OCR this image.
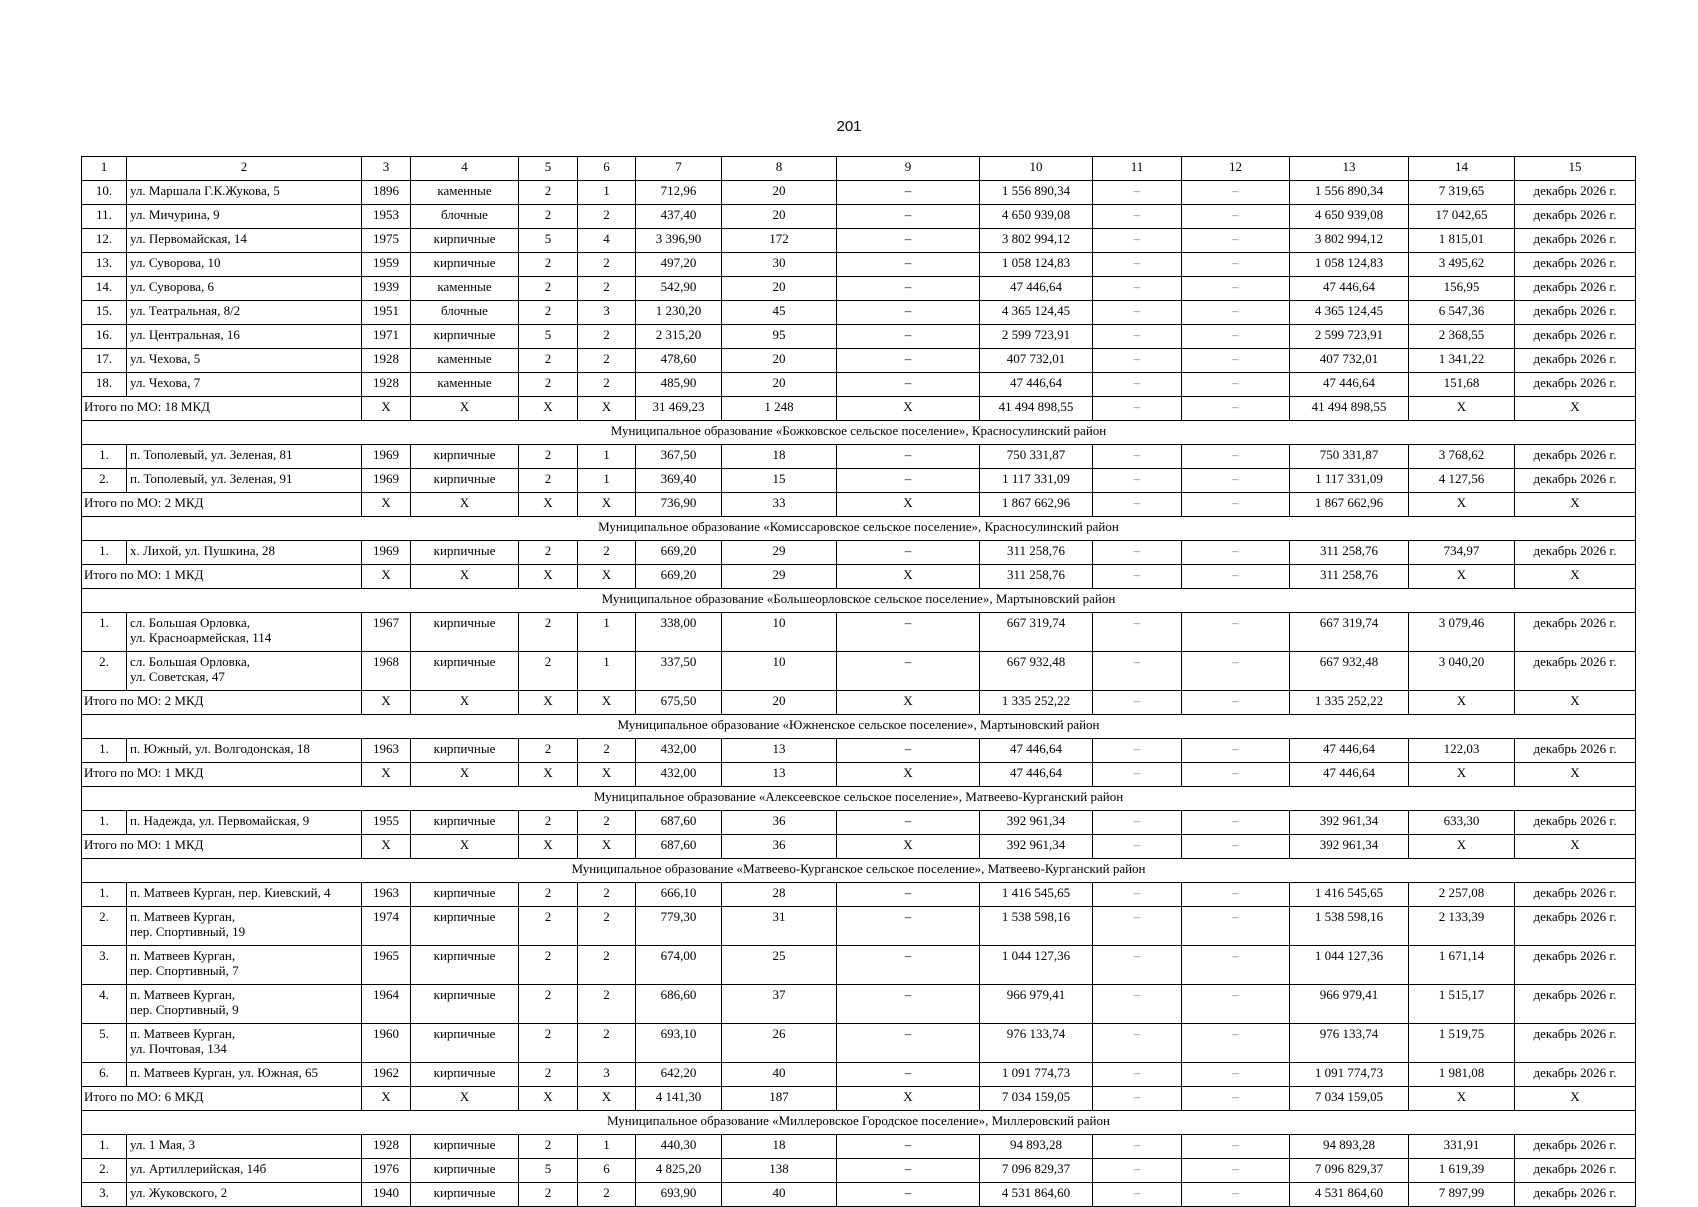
201
1	2	3	4	5	6	7	8	9	10	11	12	13	14	15
10.	ул. Маршала Г.К.Жукова, 5	1896	каменные	2	1	712,96	20	–	1 556 890,34	–	–	1 556 890,34	7 319,65	декабрь 2026 г.
11.	ул. Мичурина, 9	1953	блочные	2	2	437,40	20	–	4 650 939,08	–	–	4 650 939,08	17 042,65	декабрь 2026 г.
12.	ул. Первомайская, 14	1975	кирпичные	5	4	3 396,90	172	–	3 802 994,12	–	–	3 802 994,12	1 815,01	декабрь 2026 г.
13.	ул. Суворова, 10	1959	кирпичные	2	2	497,20	30	–	1 058 124,83	–	–	1 058 124,83	3 495,62	декабрь 2026 г.
14.	ул. Суворова, 6	1939	каменные	2	2	542,90	20	–	47 446,64	–	–	47 446,64	156,95	декабрь 2026 г.
15.	ул. Театральная, 8/2	1951	блочные	2	3	1 230,20	45	–	4 365 124,45	–	–	4 365 124,45	6 547,36	декабрь 2026 г.
16.	ул. Центральная, 16	1971	кирпичные	5	2	2 315,20	95	–	2 599 723,91	–	–	2 599 723,91	2 368,55	декабрь 2026 г.
17.	ул. Чехова, 5	1928	каменные	2	2	478,60	20	–	407 732,01	–	–	407 732,01	1 341,22	декабрь 2026 г.
18.	ул. Чехова, 7	1928	каменные	2	2	485,90	20	–	47 446,64	–	–	47 446,64	151,68	декабрь 2026 г.
Итого по МО: 18 МКД		X	X	X	X	31 469,23	1 248	X	41 494 898,55	–	–	41 494 898,55	X	X
Муниципальное образование «Божковское сельское поселение», Красносулинский район														
1.	п. Тополевый, ул. Зеленая, 81	1969	кирпичные	2	1	367,50	18	–	750 331,87	–	–	750 331,87	3 768,62	декабрь 2026 г.
2.	п. Тополевый, ул. Зеленая, 91	1969	кирпичные	2	1	369,40	15	–	1 117 331,09	–	–	1 117 331,09	4 127,56	декабрь 2026 г.
Итого по МО: 2 МКД		X	X	X	X	736,90	33	X	1 867 662,96	–	–	1 867 662,96	X	X
Муниципальное образование «Комиссаровское сельское поселение», Красносулинский район														
1.	х. Лихой, ул. Пушкина, 28	1969	кирпичные	2	2	669,20	29	–	311 258,76	–	–	311 258,76	734,97	декабрь 2026 г.
Итого по МО: 1 МКД		X	X	X	X	669,20	29	X	311 258,76	–	–	311 258,76	X	X
Муниципальное образование «Большеорловское сельское поселение», Мартыновский район														
1.	сл. Большая Орловка,
ул. Красноармейская, 114	1967	кирпичные	2	1	338,00	10	–	667 319,74	–	–	667 319,74	3 079,46	декабрь 2026 г.
2.	сл. Большая Орловка,
ул. Советская, 47	1968	кирпичные	2	1	337,50	10	–	667 932,48	–	–	667 932,48	3 040,20	декабрь 2026 г.
Итого по МО: 2 МКД		X	X	X	X	675,50	20	X	1 335 252,22	–	–	1 335 252,22	X	X
Муниципальное образование «Южненское сельское поселение», Мартыновский район														
1.	п. Южный, ул. Волгодонская, 18	1963	кирпичные	2	2	432,00	13	–	47 446,64	–	–	47 446,64	122,03	декабрь 2026 г.
Итого по МО: 1 МКД		X	X	X	X	432,00	13	X	47 446,64	–	–	47 446,64	X	X
Муниципальное образование «Алексеевское сельское поселение», Матвеево-Курганский район														
1.	п. Надежда, ул. Первомайская, 9	1955	кирпичные	2	2	687,60	36	–	392 961,34	–	–	392 961,34	633,30	декабрь 2026 г.
Итого по МО: 1 МКД		X	X	X	X	687,60	36	X	392 961,34	–	–	392 961,34	X	X
Муниципальное образование «Матвеево-Курганское сельское поселение», Матвеево-Курганский район														
1.	п. Матвеев Курган, пер. Киевский, 4	1963	кирпичные	2	2	666,10	28	–	1 416 545,65	–	–	1 416 545,65	2 257,08	декабрь 2026 г.
2.	п. Матвеев Курган,
пер. Спортивный, 19	1974	кирпичные	2	2	779,30	31	–	1 538 598,16	–	–	1 538 598,16	2 133,39	декабрь 2026 г.
3.	п. Матвеев Курган,
пер. Спортивный, 7	1965	кирпичные	2	2	674,00	25	–	1 044 127,36	–	–	1 044 127,36	1 671,14	декабрь 2026 г.
4.	п. Матвеев Курган,
пер. Спортивный, 9	1964	кирпичные	2	2	686,60	37	–	966 979,41	–	–	966 979,41	1 515,17	декабрь 2026 г.
5.	п. Матвеев Курган,
ул. Почтовая, 134	1960	кирпичные	2	2	693,10	26	–	976 133,74	–	–	976 133,74	1 519,75	декабрь 2026 г.
6.	п. Матвеев Курган, ул. Южная, 65	1962	кирпичные	2	3	642,20	40	–	1 091 774,73	–	–	1 091 774,73	1 981,08	декабрь 2026 г.
Итого по МО: 6 МКД		X	X	X	X	4 141,30	187	X	7 034 159,05	–	–	7 034 159,05	X	X
Муниципальное образование «Миллеровское Городское поселение», Миллеровский район														
1.	ул. 1 Мая, 3	1928	кирпичные	2	1	440,30	18	–	94 893,28	–	–	94 893,28	331,91	декабрь 2026 г.
2.	ул. Артиллерийская, 14б	1976	кирпичные	5	6	4 825,20	138	–	7 096 829,37	–	–	7 096 829,37	1 619,39	декабрь 2026 г.
3.	ул. Жуковского, 2	1940	кирпичные	2	2	693,90	40	–	4 531 864,60	–	–	4 531 864,60	7 897,99	декабрь 2026 г.
